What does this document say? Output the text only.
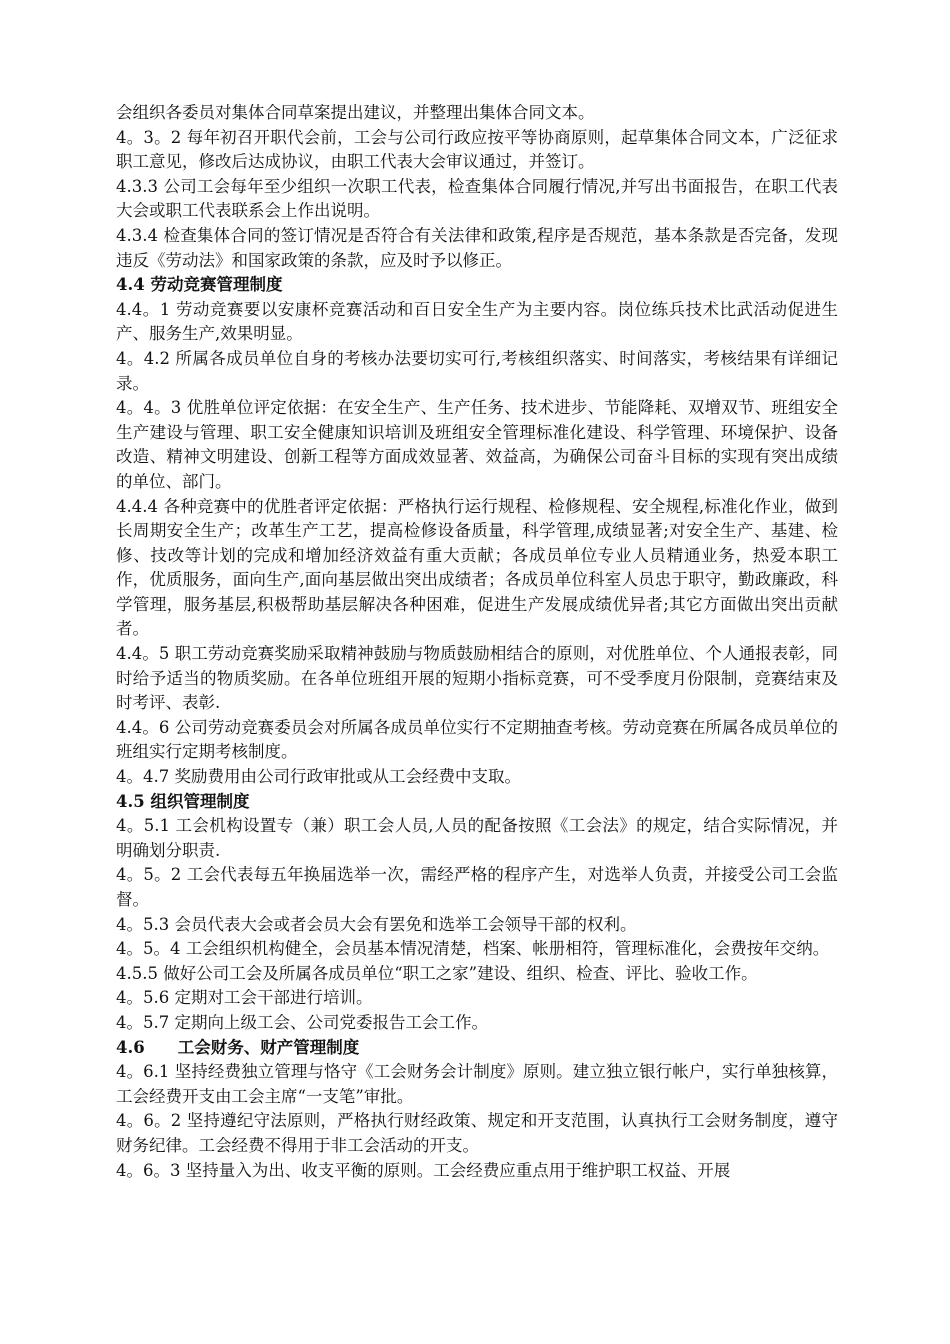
会组织各委员对集体合同草案提出建议，并整理出集体合同文本。

4。3。2 每年初召开职代会前，工会与公司行政应按平等协商原则，起草集体合同文本，广泛征求职工意见，修改后达成协议，由职工代表大会审议通过，并签订。

4.3.3 公司工会每年至少组织一次职工代表，检查集体合同履行情况,并写出书面报告，在职工代表大会或职工代表联系会上作出说明。

4.3.4 检查集体合同的签订情况是否符合有关法律和政策,程序是否规范，基本条款是否完备，发现违反《劳动法》和国家政策的条款，应及时予以修正。

4.4 劳动竞赛管理制度

4.4。1 劳动竞赛要以安康杯竞赛活动和百日安全生产为主要内容。岗位练兵技术比武活动促进生产、服务生产,效果明显。

4。4.2 所属各成员单位自身的考核办法要切实可行,考核组织落实、时间落实，考核结果有详细记录。

4。4。3 优胜单位评定依据：在安全生产、生产任务、技术进步、节能降耗、双增双节、班组安全生产建设与管理、职工安全健康知识培训及班组安全管理标准化建设、科学管理、环境保护、设备改造、精神文明建设、创新工程等方面成效显著、效益高，为确保公司奋斗目标的实现有突出成绩的单位、部门。

4.4.4 各种竞赛中的优胜者评定依据：严格执行运行规程、检修规程、安全规程,标准化作业，做到长周期安全生产；改革生产工艺，提高检修设备质量，科学管理,成绩显著;对安全生产、基建、检修、技改等计划的完成和增加经济效益有重大贡献；各成员单位专业人员精通业务，热爱本职工作，优质服务，面向生产,面向基层做出突出成绩者；各成员单位科室人员忠于职守，勤政廉政，科学管理，服务基层,积极帮助基层解决各种困难，促进生产发展成绩优异者;其它方面做出突出贡献者。

4.4。5 职工劳动竞赛奖励采取精神鼓励与物质鼓励相结合的原则，对优胜单位、个人通报表彰，同时给予适当的物质奖励。在各单位班组开展的短期小指标竞赛，可不受季度月份限制，竞赛结束及时考评、表彰.

4.4。6 公司劳动竞赛委员会对所属各成员单位实行不定期抽查考核。劳动竞赛在所属各成员单位的班组实行定期考核制度。

4。4.7 奖励费用由公司行政审批或从工会经费中支取。

4.5 组织管理制度

4。5.1 工会机构设置专（兼）职工会人员,人员的配备按照《工会法》的规定，结合实际情况，并明确划分职责.

4。5。2 工会代表每五年换届选举一次，需经严格的程序产生，对选举人负责，并接受公司工会监督。

4。5.3 会员代表大会或者会员大会有罢免和选举工会领导干部的权利。

4。5。4 工会组织机构健全，会员基本情况清楚，档案、帐册相符，管理标准化，会费按年交纳。

4.5.5 做好公司工会及所属各成员单位“职工之家”建设、组织、检查、评比、验收工作。

4。5.6 定期对工会干部进行培训。

4。5.7 定期向上级工会、公司党委报告工会工作。

4.6　　工会财务、财产管理制度

4。6.1 坚持经费独立管理与恪守《工会财务会计制度》原则。建立独立银行帐户，实行单独核算，工会经费开支由工会主席“一支笔”审批。

4。6。2 坚持遵纪守法原则，严格执行财经政策、规定和开支范围，认真执行工会财务制度，遵守财务纪律。工会经费不得用于非工会活动的开支。

4。6。3 坚持量入为出、收支平衡的原则。工会经费应重点用于维护职工权益、开展
